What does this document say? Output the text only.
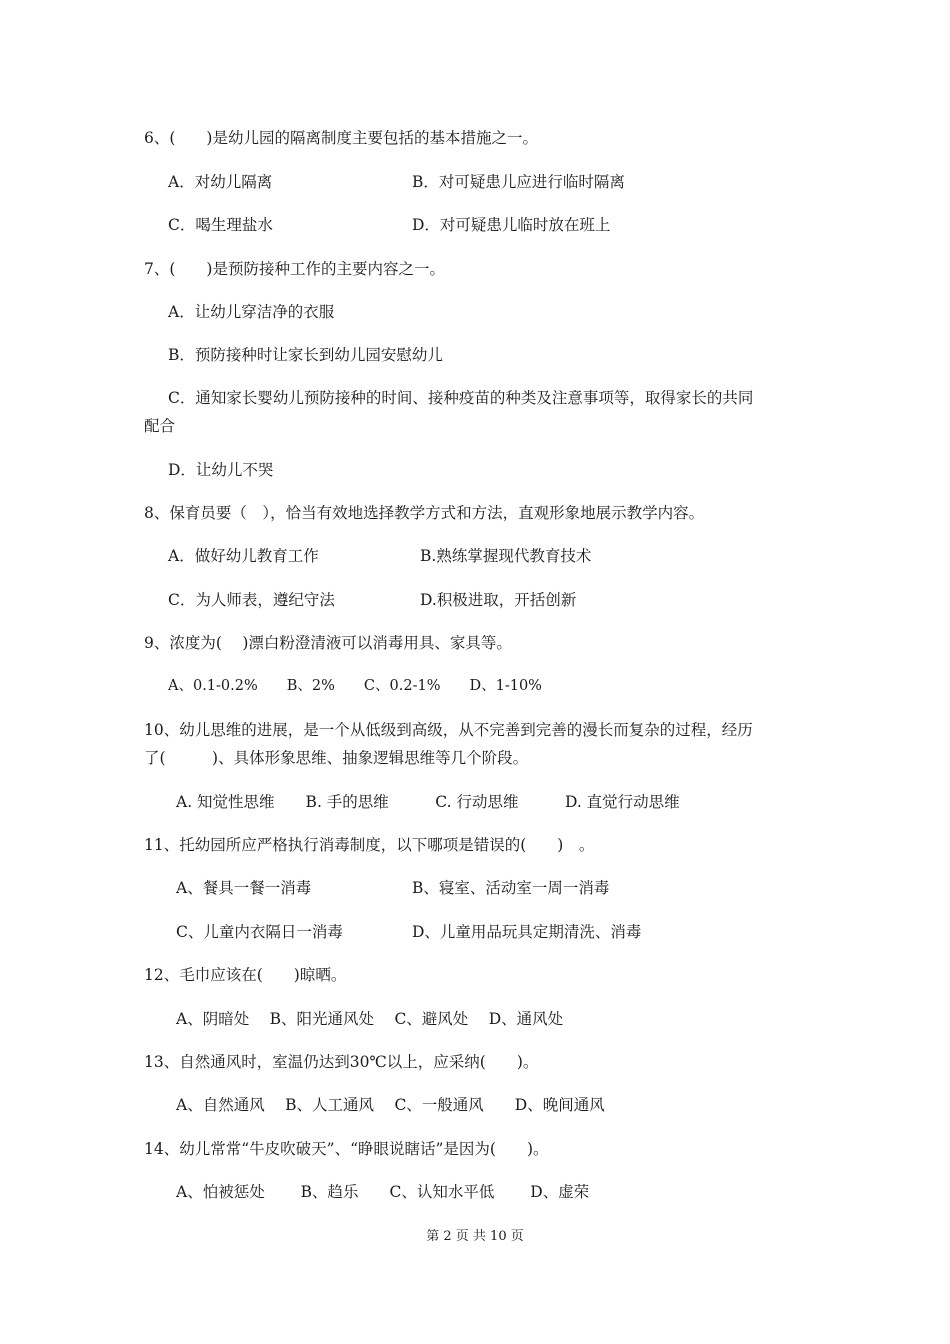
6、(　　)是幼儿园的隔离制度主要包括的基本措施之一。
A．对幼儿隔离	B．对可疑患儿应进行临时隔离
C．喝生理盐水	D．对可疑患儿临时放在班上
7、(　　)是预防接种工作的主要内容之一。
A．让幼儿穿洁净的衣服
B．预防接种时让家长到幼儿园安慰幼儿
C．通知家长婴幼儿预防接种的时间、接种疫苗的种类及注意事项等，取得家长的共同
配合
D．让幼儿不哭
8、保育员要（　），恰当有效地选择教学方式和方法，直观形象地展示教学内容。
A．做好幼儿教育工作	B.熟练掌握现代教育技术
C．为人师表，遵纪守法	D.积极进取，开括创新
9、浓度为(　 )漂白粉澄清液可以消毒用具、家具等。
A、0.1-0.2%　　B、2%　　C、0.2-1%　　D、1-10%
10、幼儿思维的进展，是一个从低级到高级，从不完善到完善的漫长而复杂的过程，经历
了(　　　)、具体形象思维、抽象逻辑思维等几个阶段。
A. 知觉性思维　　B. 手的思维　　　C. 行动思维　　　D. 直觉行动思维
11、托幼园所应严格执行消毒制度，以下哪项是错误的(　　)　。
A、餐具一餐一消毒	B、寝室、活动室一周一消毒
C、儿童内衣隔日一消毒	D、儿童用品玩具定期清洗、消毒
12、毛巾应该在(　　)晾晒。
A、阴暗处　 B、阳光通风处　 C、避风处　 D、通风处
13、自然通风时，室温仍达到30℃以上，应采纳(　　)。
A、自然通风　 B、人工通风　 C、一般通风　　D、晚间通风
14、幼儿常常“牛皮吹破天”、“睁眼说瞎话”是因为(　　)。
A、怕被惩处　　 B、趋乐　　C、认知水平低　　 D、虚荣
第 2 页 共 10 页
